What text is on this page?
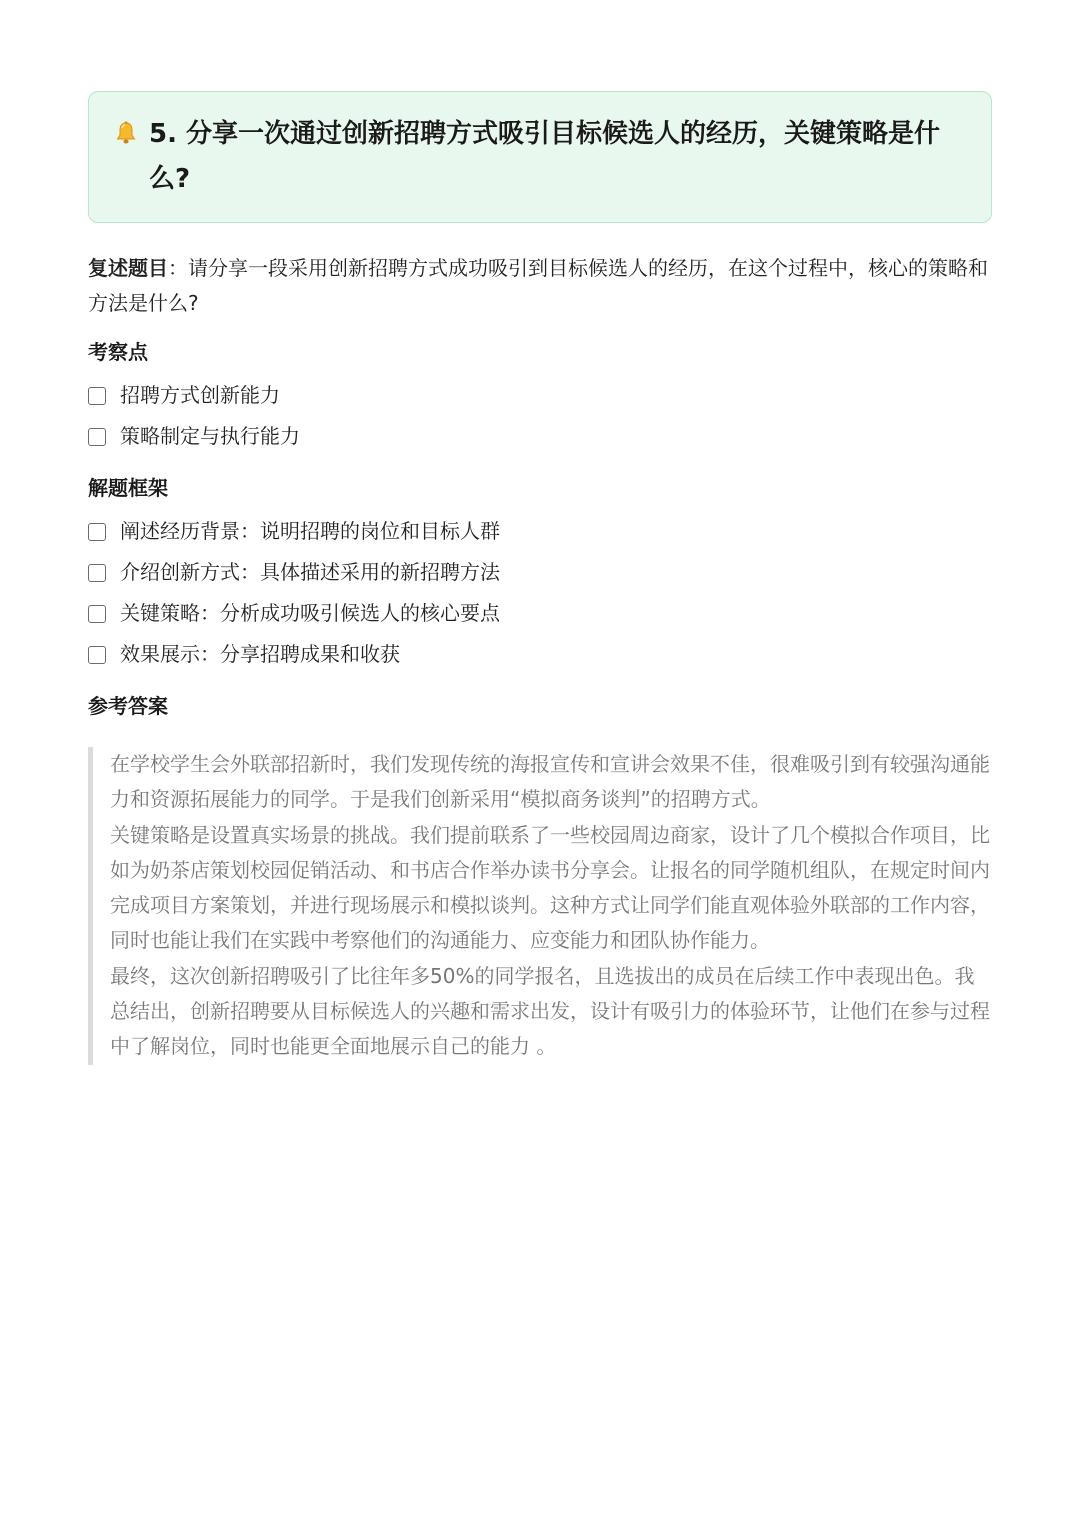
5. 分享一次通过创新招聘方式吸引目标候选人的经历，关键策略是什么?
复述题目：请分享一段采用创新招聘方式成功吸引到目标候选人的经历，在这个过程中，核心的策略和方法是什么?
考察点
招聘方式创新能力
策略制定与执行能力
解题框架
阐述经历背景：说明招聘的岗位和目标人群
介绍创新方式：具体描述采用的新招聘方法
关键策略：分析成功吸引候选人的核心要点
效果展示：分享招聘成果和收获
参考答案

在学校学生会外联部招新时，我们发现传统的海报宣传和宣讲会效果不佳，很难吸引到有较强沟通能力和资源拓展能力的同学。于是我们创新采用“模拟商务谈判”的招聘方式。

关键策略是设置真实场景的挑战。我们提前联系了一些校园周边商家，设计了几个模拟合作项目，比如为奶茶店策划校园促销活动、和书店合作举办读书分享会。让报名的同学随机组队，在规定时间内完成项目方案策划，并进行现场展示和模拟谈判。这种方式让同学们能直观体验外联部的工作内容，同时也能让我们在实践中考察他们的沟通能力、应变能力和团队协作能力。

最终，这次创新招聘吸引了比往年多50%的同学报名，且选拔出的成员在后续工作中表现出色。我总结出，创新招聘要从目标候选人的兴趣和需求出发，设计有吸引力的体验环节，让他们在参与过程中了解岗位，同时也能更全面地展示自己的能力 。
